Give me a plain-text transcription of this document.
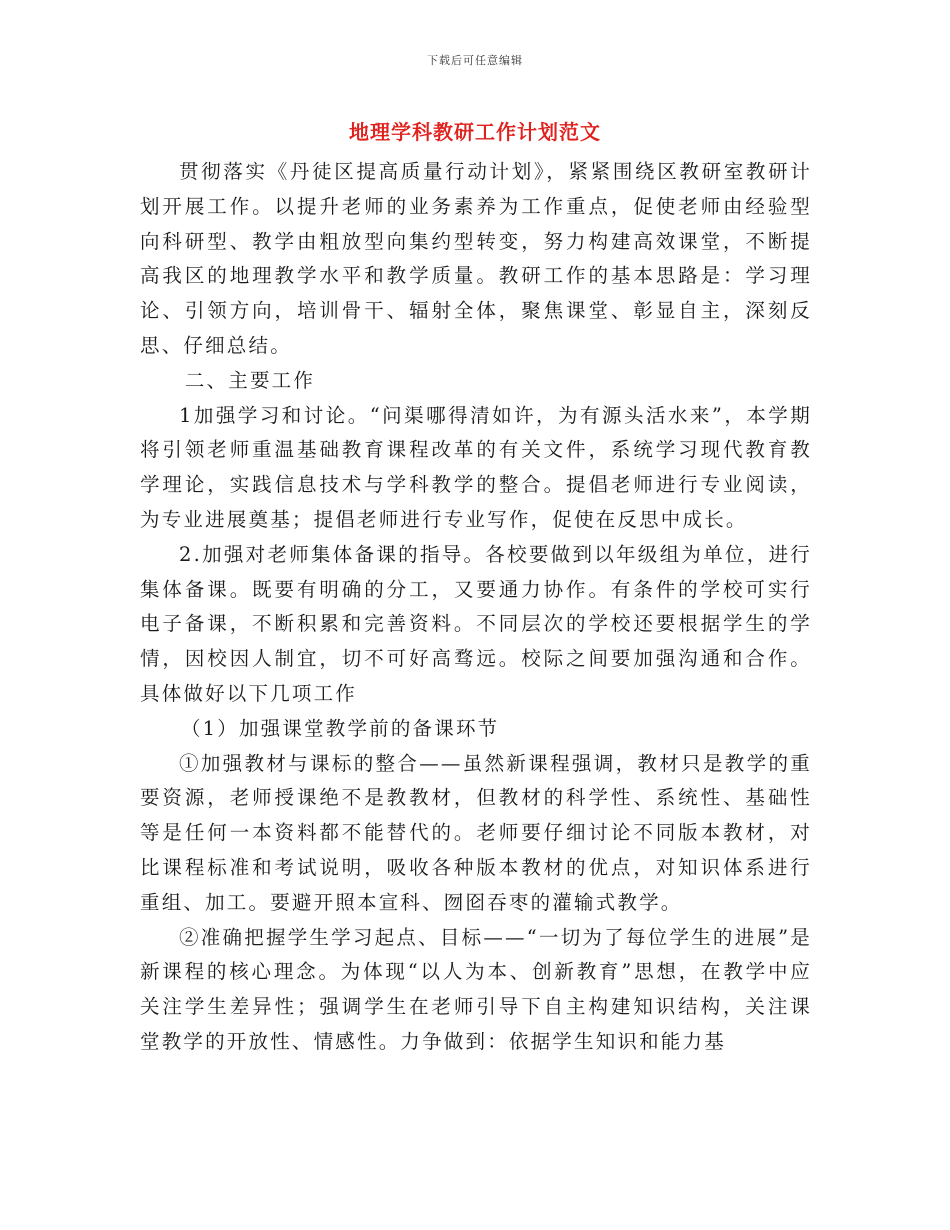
下载后可任意编辑
地理学科教研工作计划范文

贯彻落实《丹徒区提高质量行动计划》，紧紧围绕区教研室教研计划开展工作。以提升老师的业务素养为工作重点，促使老师由经验型向科研型、教学由粗放型向集约型转变，努力构建高效课堂，不断提高我区的地理教学水平和教学质量。教研工作的基本思路是：学习理论、引领方向，培训骨干、辐射全体，聚焦课堂、彰显自主，深刻反思、仔细总结。

二、主要工作

1加强学习和讨论。“问渠哪得清如许，为有源头活水来”，本学期将引领老师重温基础教育课程改革的有关文件，系统学习现代教育教学理论，实践信息技术与学科教学的整合。提倡老师进行专业阅读，为专业进展奠基；提倡老师进行专业写作，促使在反思中成长。

2.加强对老师集体备课的指导。各校要做到以年级组为单位，进行集体备课。既要有明确的分工，又要通力协作。有条件的学校可实行电子备课，不断积累和完善资料。不同层次的学校还要根据学生的学情，因校因人制宜，切不可好高骛远。校际之间要加强沟通和合作。具体做好以下几项工作

（1）加强课堂教学前的备课环节

①加强教材与课标的整合——虽然新课程强调，教材只是教学的重要资源，老师授课绝不是教教材，但教材的科学性、系统性、基础性等是任何一本资料都不能替代的。老师要仔细讨论不同版本教材，对比课程标准和考试说明，吸收各种版本教材的优点，对知识体系进行重组、加工。要避开照本宣科、囫囵吞枣的灌输式教学。

②准确把握学生学习起点、目标——“一切为了每位学生的进展”是新课程的核心理念。为体现“以人为本、创新教育”思想，在教学中应关注学生差异性；强调学生在老师引导下自主构建知识结构，关注课堂教学的开放性、情感性。力争做到：依据学生知识和能力基
